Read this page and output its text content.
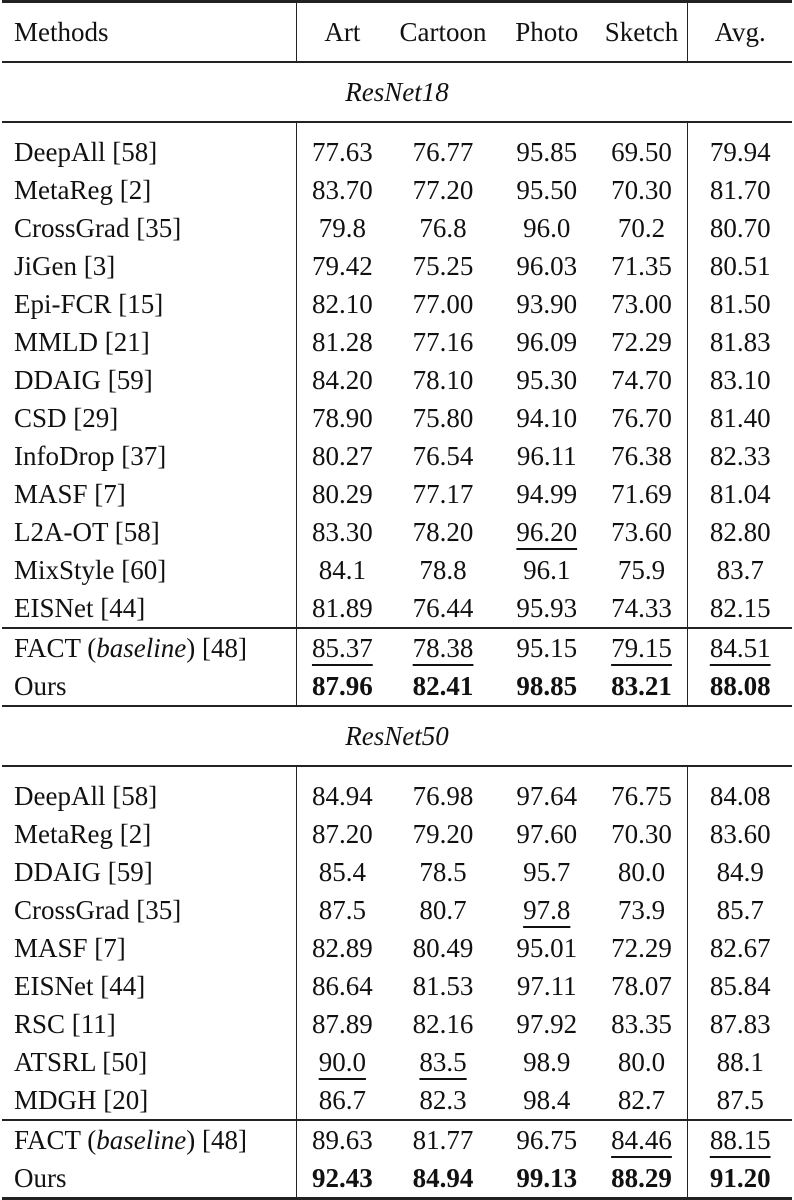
Methods	Art	Cartoon	Photo	Sketch	Avg.
ResNet18					
DeepAll [58]	77.63	76.77	95.85	69.50	79.94
MetaReg [2]	83.70	77.20	95.50	70.30	81.70
CrossGrad [35]	79.8	76.8	96.0	70.2	80.70
JiGen [3]	79.42	75.25	96.03	71.35	80.51
Epi-FCR [15]	82.10	77.00	93.90	73.00	81.50
MMLD [21]	81.28	77.16	96.09	72.29	81.83
DDAIG [59]	84.20	78.10	95.30	74.70	83.10
CSD [29]	78.90	75.80	94.10	76.70	81.40
InfoDrop [37]	80.27	76.54	96.11	76.38	82.33
MASF [7]	80.29	77.17	94.99	71.69	81.04
L2A-OT [58]	83.30	78.20	96.20	73.60	82.80
MixStyle [60]	84.1	78.8	96.1	75.9	83.7
EISNet [44]	81.89	76.44	95.93	74.33	82.15
FACT (baseline) [48]	85.37	78.38	95.15	79.15	84.51
Ours	87.96	82.41	98.85	83.21	88.08
ResNet50					
DeepAll [58]	84.94	76.98	97.64	76.75	84.08
MetaReg [2]	87.20	79.20	97.60	70.30	83.60
DDAIG [59]	85.4	78.5	95.7	80.0	84.9
CrossGrad [35]	87.5	80.7	97.8	73.9	85.7
MASF [7]	82.89	80.49	95.01	72.29	82.67
EISNet [44]	86.64	81.53	97.11	78.07	85.84
RSC [11]	87.89	82.16	97.92	83.35	87.83
ATSRL [50]	90.0	83.5	98.9	80.0	88.1
MDGH [20]	86.7	82.3	98.4	82.7	87.5
FACT (baseline) [48]	89.63	81.77	96.75	84.46	88.15
Ours	92.43	84.94	99.13	88.29	91.20
